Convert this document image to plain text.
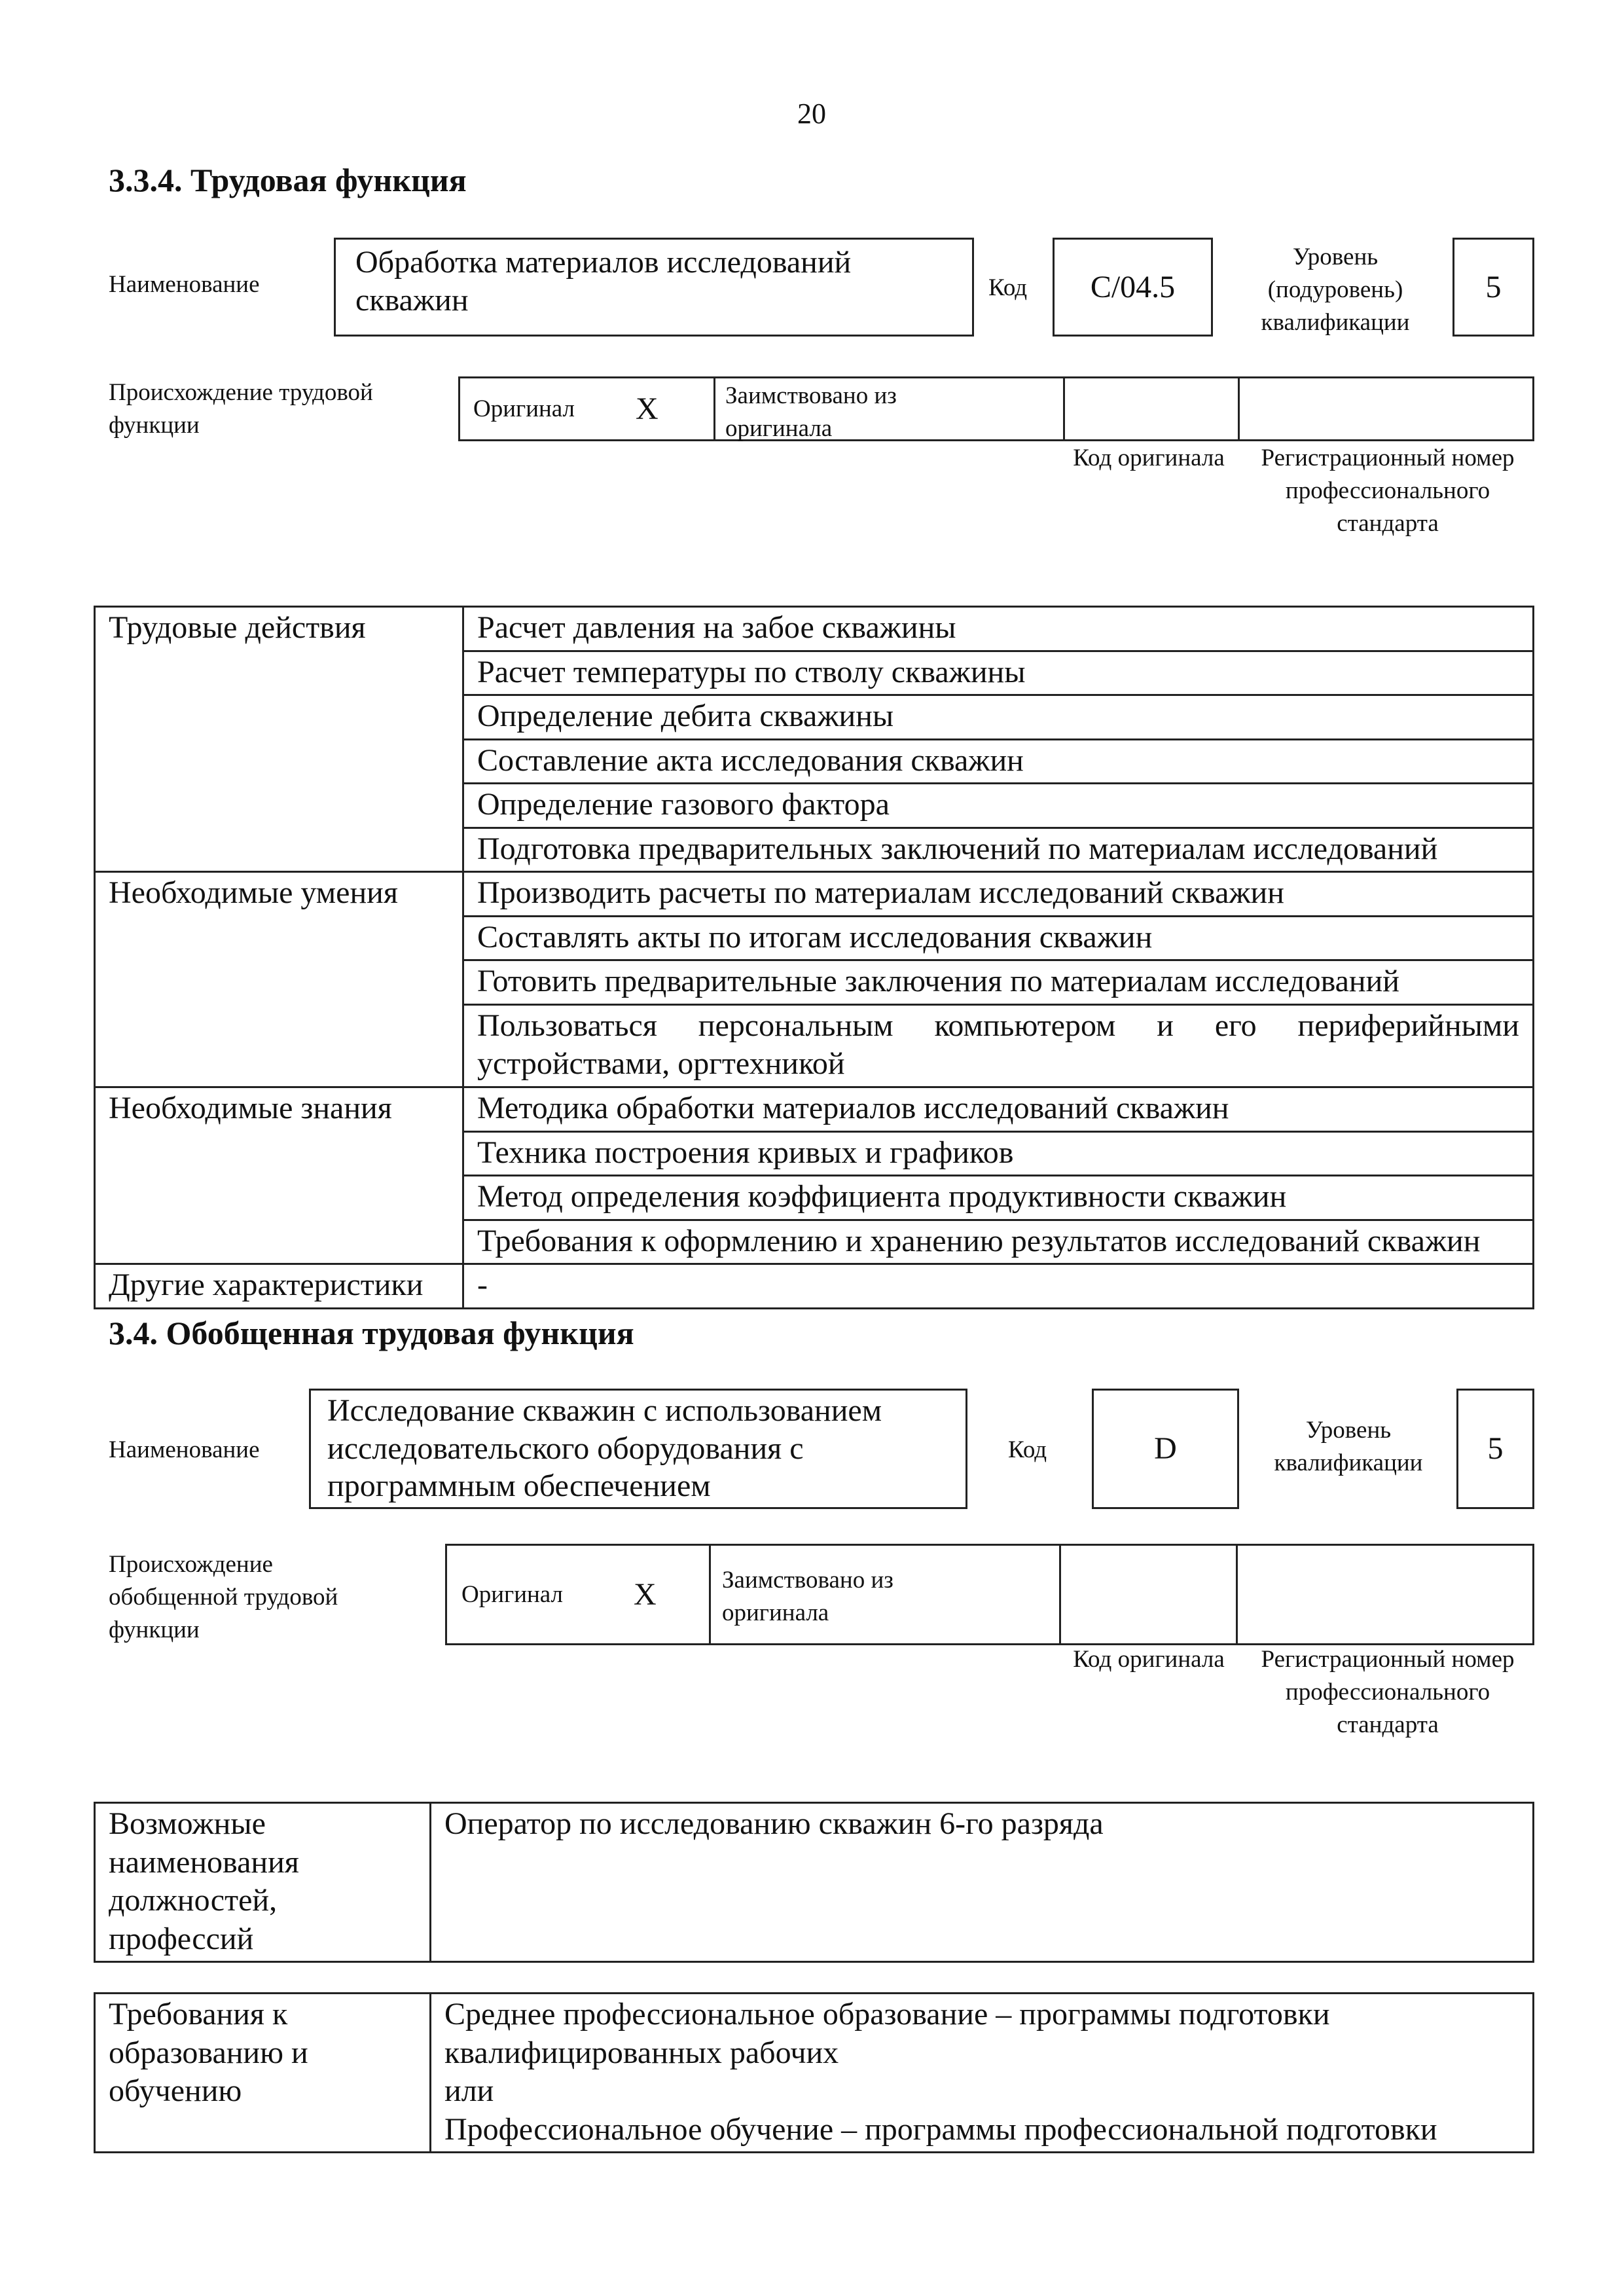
20
3.3.4. Трудовая функция
Наименование
Обработка материалов исследований скважин	Код C/04.5
Уровень (подуровень) квалификации
5
Происхождение трудовой функции
Оригинал X	Заимствовано из оригинала
Код оригинала	Регистрационный номер профессионального стандарта
Трудовые действия	Расчет давления на забое скважины
	Расчет температуры по стволу скважины
	Определение дебита скважины
	Составление акта исследования скважин
	Определение газового фактора
	Подготовка предварительных заключений по материалам исследований
Необходимые умения	Производить расчеты по материалам исследований скважин
	Составлять акты по итогам исследования скважин
	Готовить предварительные заключения по материалам исследований
	Пользоваться персональным компьютером и его периферийными устройствами, оргтехникой
Необходимые знания	Методика обработки материалов исследований скважин
	Техника построения кривых и графиков
	Метод определения коэффициента продуктивности скважин
	Требования к оформлению и хранению результатов исследований скважин
Другие характеристики	-
3.4. Обобщенная трудовая функция
Наименование
Исследование скважин с использованием исследовательского оборудования с программным обеспечением
Код	D
Уровень квалификации	5
Происхождение обобщенной трудовой функции
Оригинал X	Заимствовано из оригинала
Код оригинала	Регистрационный номер профессионального стандарта
Возможные наименования должностей, профессий	Оператор по исследованию скважин 6-го разряда
Требования к образованию и обучению	
Среднее профессиональное образование – программы подготовки квалифицированных рабочих
или
Профессиональное обучение – программы профессиональной подготовки
